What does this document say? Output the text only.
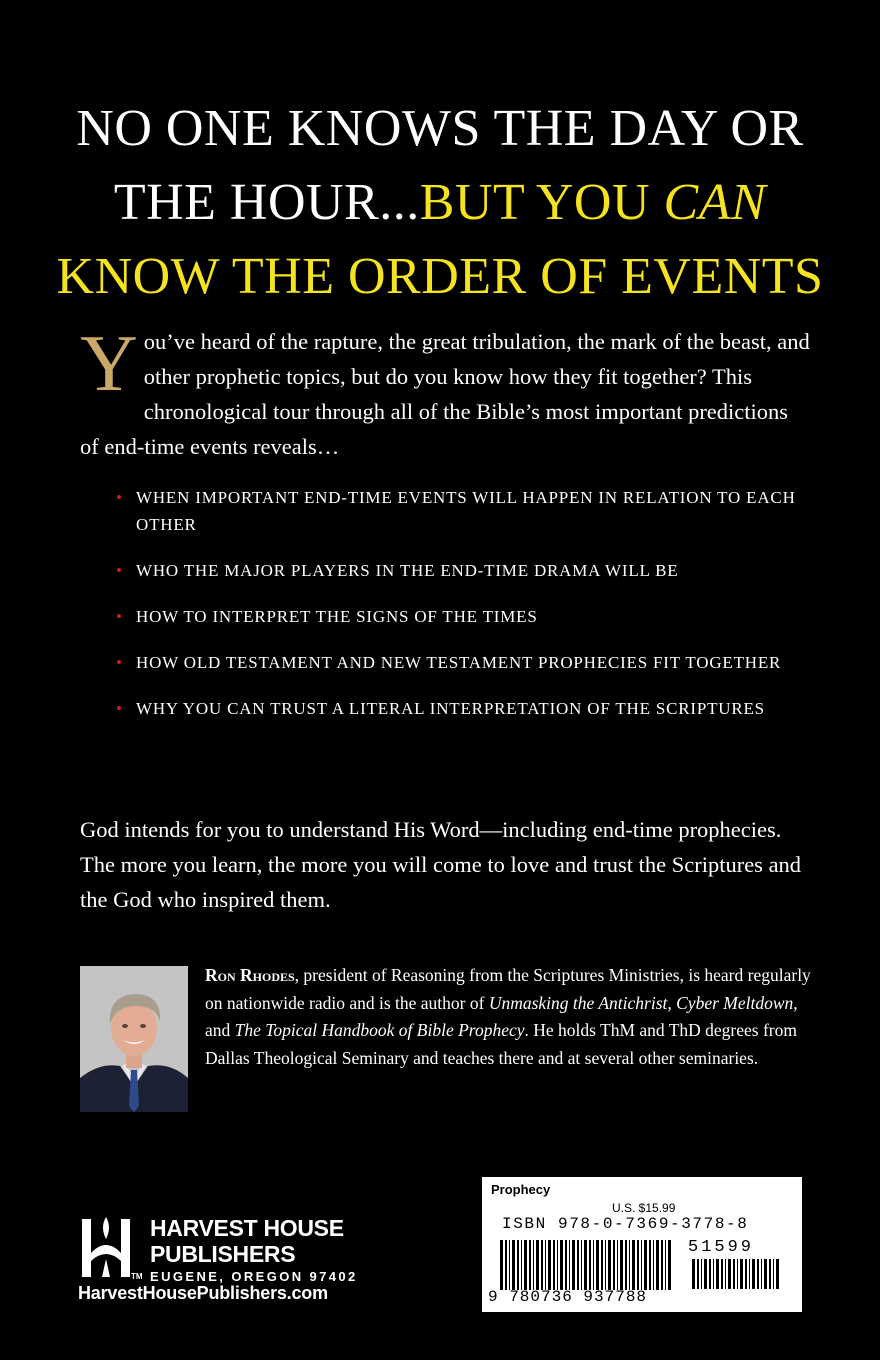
NO ONE KNOWS THE DAY OR
THE HOUR...BUT YOU CAN
KNOW THE ORDER OF EVENTS
You’ve heard of the rapture, the great tribulation, the mark of the beast, and other prophetic topics, but do you know how they fit together? This chronological tour through all of the Bible’s most important predictions of end-time events reveals…
• WHEN IMPORTANT END-TIME EVENTS WILL HAPPEN IN RELATION TO EACH OTHER
• WHO THE MAJOR PLAYERS IN THE END-TIME DRAMA WILL BE
• HOW TO INTERPRET THE SIGNS OF THE TIMES
• HOW OLD TESTAMENT AND NEW TESTAMENT PROPHECIES FIT TOGETHER
• WHY YOU CAN TRUST A LITERAL INTERPRETATION OF THE SCRIPTURES
God intends for you to understand His Word—including end-time prophecies. The more you learn, the more you will come to love and trust the Scriptures and the God who inspired them.
Ron Rhodes, president of Reasoning from the Scriptures Ministries, is heard regularly on nationwide radio and is the author of Unmasking the Antichrist, Cyber Meltdown, and The Topical Handbook of Bible Prophecy. He holds ThM and ThD degrees from Dallas Theological Seminary and teaches there and at several other seminaries.
HARVEST HOUSE
PUBLISHERS
TM EUGENE, OREGON 97402
HarvestHousePublishers.com
Prophecy
U.S. $15.99
ISBN 978-0-7369-3778-8
51599
9 780736 937788
